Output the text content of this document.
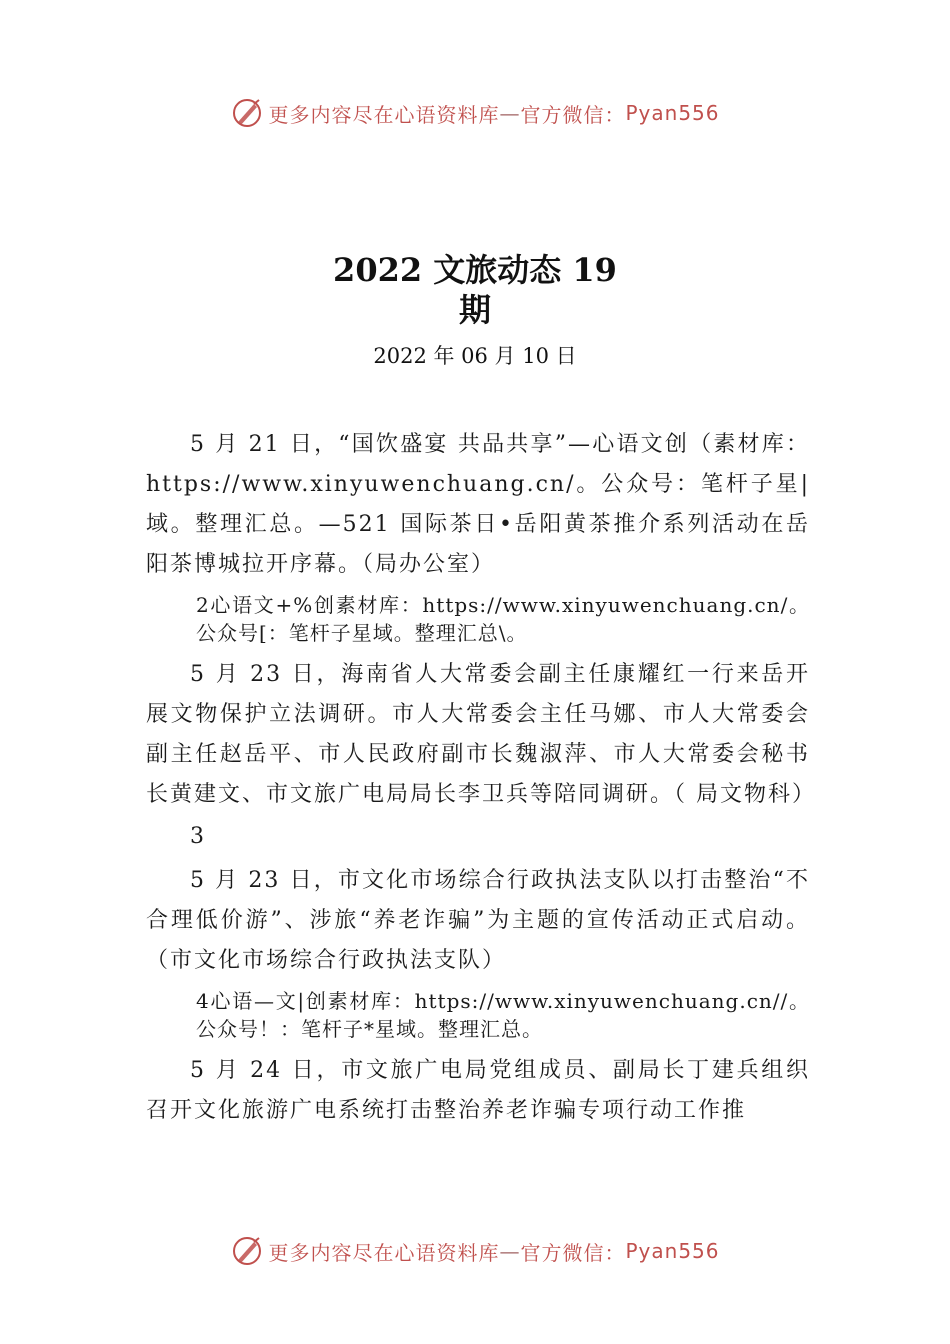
更多内容尽在心语资料库 — 官方微信： Pyan556
2022 文旅动态 19
期
2022 年 06 月 10 日

5 月 21 日，“国饮盛宴 共品共享”—心语文创（素材库：https://www.xinyuwenchuang.cn/。公众号：笔杆子星|域。整理汇总。—521 国际茶日•岳阳黄茶推介系列活动在岳阳茶博城拉开序幕。（局办公室）

2心语文+%创素材库：https://www.xinyuwenchuang.cn/。公众号[：笔杆子星域。整理汇总\。

5 月 23 日，海南省人大常委会副主任康耀红一行来岳开展文物保护立法调研。市人大常委会主任马娜、市人大常委会副主任赵岳平、市人民政府副市长魏淑萍、市人大常委会秘书长黄建文、市文旅广电局局长李卫兵等陪同调研。（ 局文物科）

3

5 月 23 日，市文化市场综合行政执法支队以打击整治“不合理低价游”、涉旅“养老诈骗”为主题的宣传活动正式启动。（市文化市场综合行政执法支队）

4心语—文|创素材库：https://www.xinyuwenchuang.cn//。公众号！：笔杆子*星域。整理汇总。

5 月 24 日，市文旅广电局党组成员、副局长丁建兵组织召开文化旅游广电系统打击整治养老诈骗专项行动工作推

更多内容尽在心语资料库 — 官方微信： Pyan556
